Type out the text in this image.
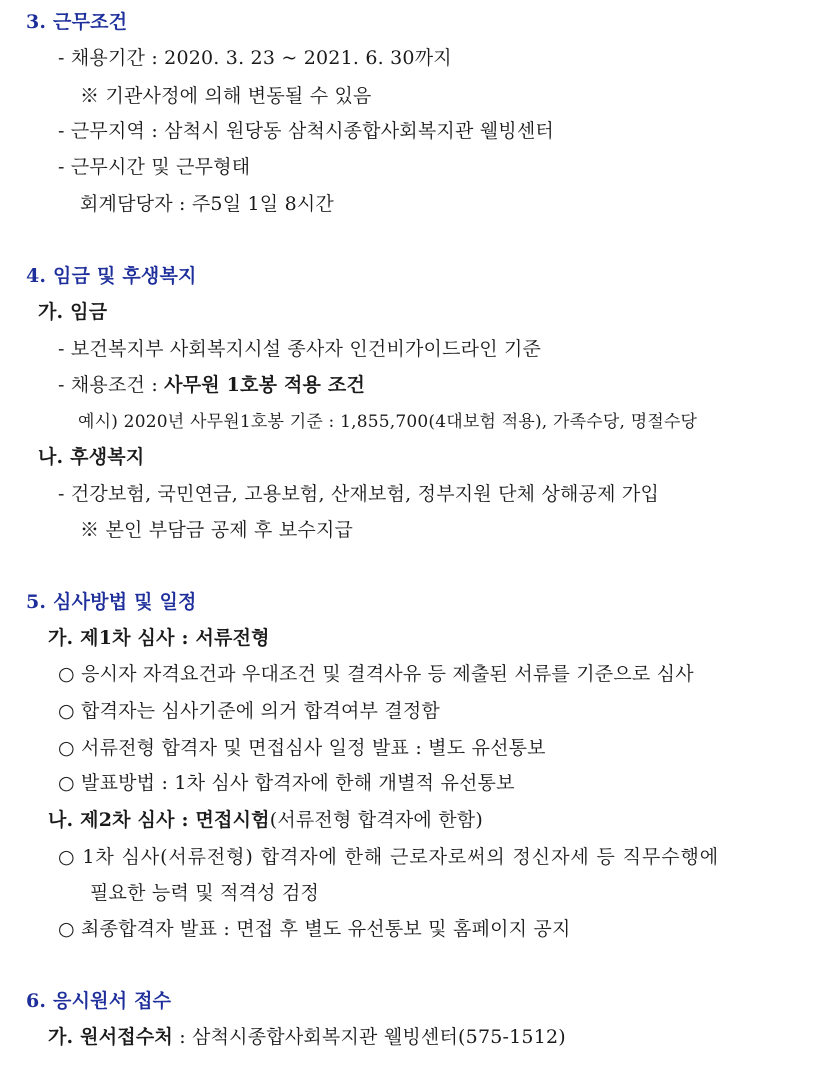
3. 근무조건
- 채용기간 : 2020. 3. 23 ~ 2021. 6. 30까지
※ 기관사정에 의해 변동될 수 있음
- 근무지역 : 삼척시 원당동 삼척시종합사회복지관 웰빙센터
- 근무시간 및 근무형태
회계담당자 : 주5일 1일 8시간
4. 임금 및 후생복지
가. 임금
- 보건복지부 사회복지시설 종사자 인건비가이드라인 기준
- 채용조건 : 사무원 1호봉 적용 조건
예시) 2020년 사무원1호봉 기준 : 1,855,700(4대보험 적용), 가족수당, 명절수당
나. 후생복지
- 건강보험, 국민연금, 고용보험, 산재보험, 정부지원 단체 상해공제 가입
※ 본인 부담금 공제 후 보수지급
5. 심사방법 및 일정
가. 제1차 심사 : 서류전형
○ 응시자 자격요건과 우대조건 및 결격사유 등 제출된 서류를 기준으로 심사
○ 합격자는 심사기준에 의거 합격여부 결정함
○ 서류전형 합격자 및 면접심사 일정 발표 : 별도 유선통보
○ 발표방법 : 1차 심사 합격자에 한해 개별적 유선통보
나. 제2차 심사 : 면접시험(서류전형 합격자에 한함)
○ 1차 심사(서류전형) 합격자에 한해 근로자로써의 정신자세 등 직무수행에
필요한 능력 및 적격성 검정
○ 최종합격자 발표 : 면접 후 별도 유선통보 및 홈페이지 공지
6. 응시원서 접수
가. 원서접수처 : 삼척시종합사회복지관 웰빙센터(575-1512)
